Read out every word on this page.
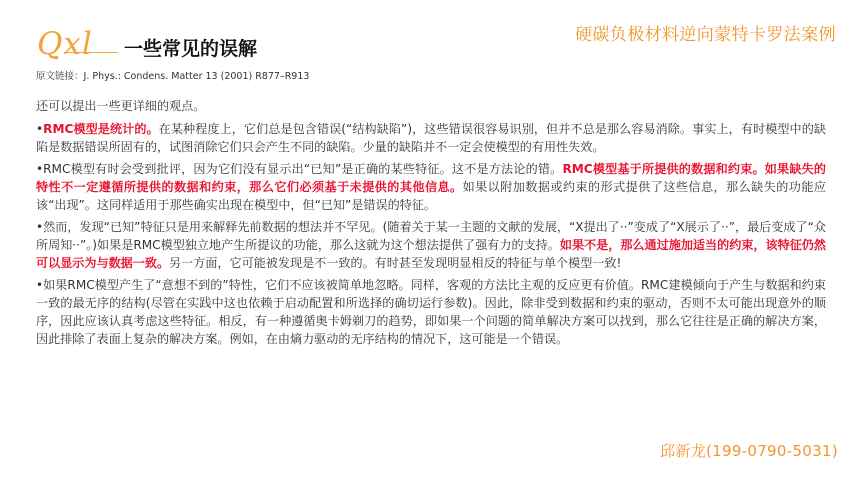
Qxl 一些常见的误解
硬碳负极材料逆向蒙特卡罗法案例
原文链接：J. Phys.: Condens. Matter 13 (2001) R877–R913

还可以提出一些更详细的观点。

•RMC模型是统计的。在某种程度上，它们总是包含错误(“结构缺陷”)，这些错误很容易识别，但并不总是那么容易消除。事实上，有时模型中的缺陷是数据错误所固有的，试图消除它们只会产生不同的缺陷。少量的缺陷并不一定会使模型的有用性失效。

•RMC模型有时会受到批评，因为它们没有显示出“已知”是正确的某些特征。这不是方法论的错。RMC模型基于所提供的数据和约束。如果缺失的特性不一定遵循所提供的数据和约束，那么它们必须基于未提供的其他信息。如果以附加数据或约束的形式提供了这些信息，那么缺失的功能应该“出现”。这同样适用于那些确实出现在模型中，但“已知”是错误的特征。

•然而，发现“已知”特征只是用来解释先前数据的想法并不罕见。(随着关于某一主题的文献的发展，“X提出了··”变成了“X展示了··”，最后变成了“众所周知··”。)如果是RMC模型独立地产生所提议的功能，那么这就为这个想法提供了强有力的支持。如果不是，那么通过施加适当的约束，该特征仍然可以显示为与数据一致。另一方面，它可能被发现是不一致的。有时甚至发现明显相反的特征与单个模型一致!

•如果RMC模型产生了“意想不到的”特性，它们不应该被简单地忽略。同样，客观的方法比主观的反应更有价值。RMC建模倾向于产生与数据和约束一致的最无序的结构(尽管在实践中这也依赖于启动配置和所选择的确切运行参数)。因此，除非受到数据和约束的驱动，否则不太可能出现意外的顺序，因此应该认真考虑这些特征。相反，有一种遵循奥卡姆剃刀的趋势，即如果一个问题的简单解决方案可以找到，那么它往往是正确的解决方案，因此排除了表面上复杂的解决方案。例如，在由熵力驱动的无序结构的情况下，这可能是一个错误。

邱新龙(199-0790-5031)
